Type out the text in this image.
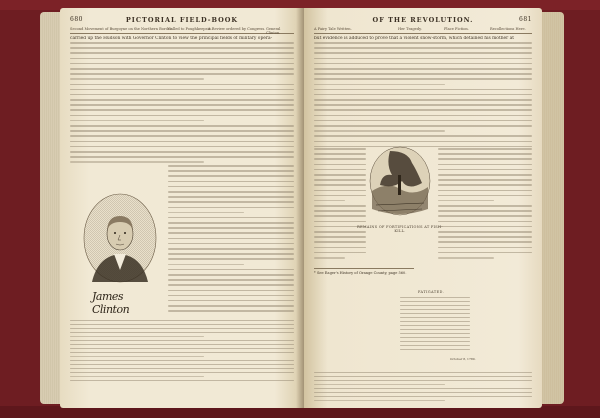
680	PICTORIAL FIELD-BOOK
Second Movement of Burgoyne on the Northern Border.
Called to Poughkeepsie.
A Review ordered by Congress. General Clinton.
carried up the Hudson with Governor Clinton to view the principal fields of military opera-
James Clinton
OF THE REVOLUTION.	681
A Fairy Tale Written.	Her Tragedy.	Place Fiction.	Recollections Here.
but evidence is adduced to prove that a violent snow-storm, which detained his mother at
* See Eager's History of Orange County, page 560.
REMAINS OF FORTIFICATIONS AT FISH-KILL.
FATIGATED.
October 8, 1780.
